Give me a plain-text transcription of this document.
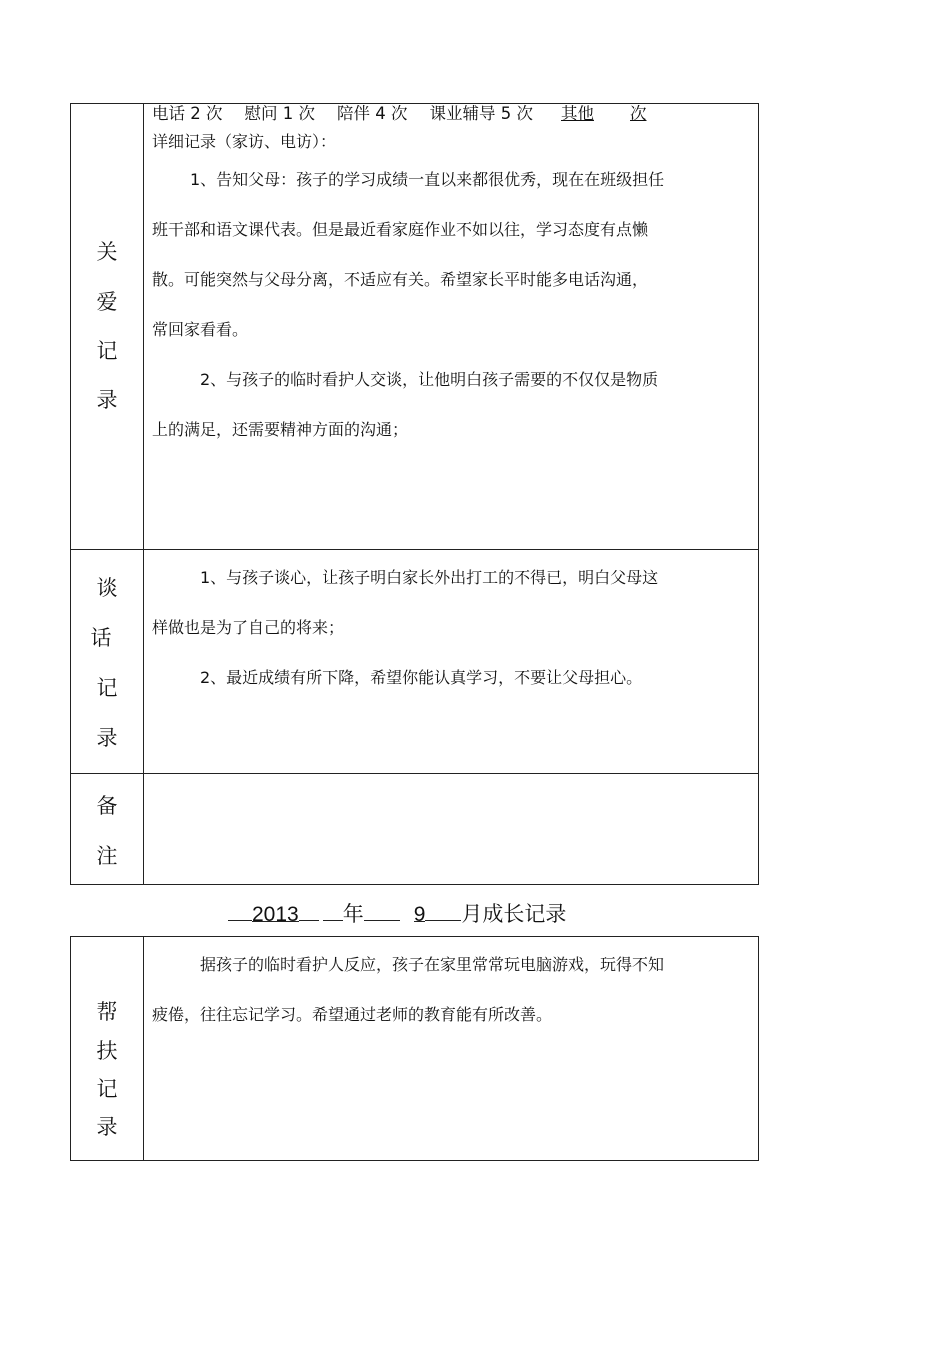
关
爱
记
录
谈
话
记
录
备
注
电话 2 次 慰问 1 次 陪伴 4 次 课业辅导 5 次 其他 次
详细记录（家访、电访）：
1、告知父母：孩子的学习成绩一直以来都很优秀，现在在班级担任
班干部和语文课代表。但是最近看家庭作业不如以往，学习态度有点懒
散。可能突然与父母分离，不适应有关。希望家长平时能多电话沟通，
常回家看看。
2、与孩子的临时看护人交谈，让他明白孩子需要的不仅仅是物质
上的满足，还需要精神方面的沟通；
1、与孩子谈心，让孩子明白家长外出打工的不得已，明白父母这
样做也是为了自己的将来；
2、最近成绩有所下降，希望你能认真学习，不要让父母担心。
2013 年 9 月成长记录
帮
扶
记
录
据孩子的临时看护人反应，孩子在家里常常玩电脑游戏，玩得不知
疲倦，往往忘记学习。希望通过老师的教育能有所改善。
